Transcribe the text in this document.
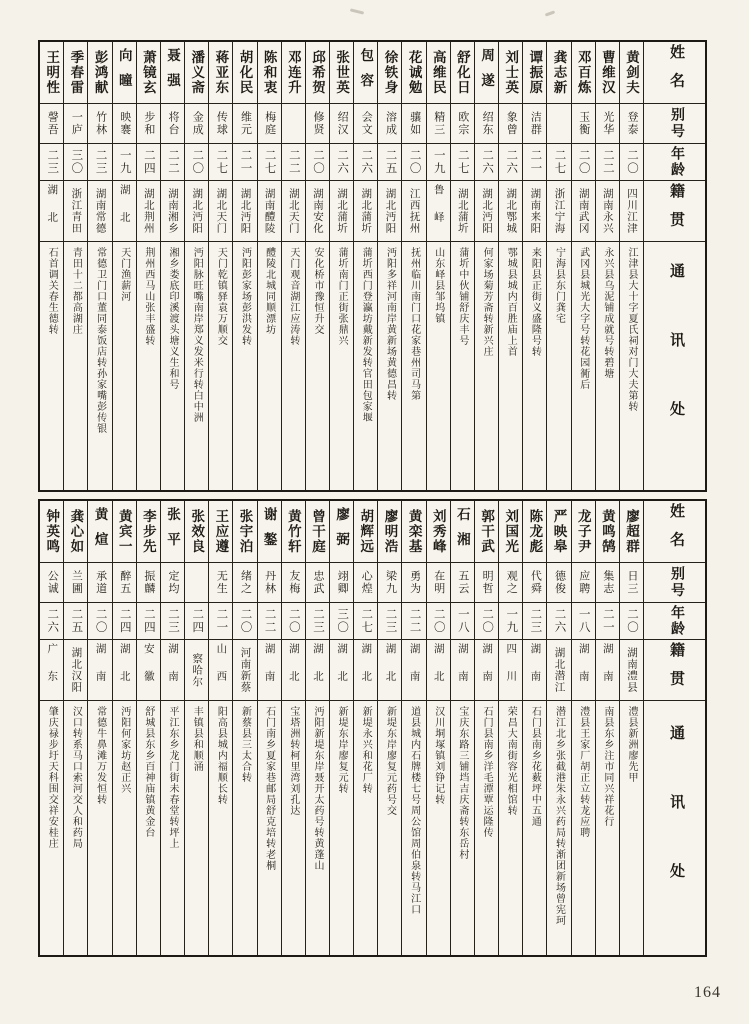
姓名
别号
年龄
籍贯
通讯处
黄剑夫
登泰
二〇
四川江津
江津县大十字夏氏祠对门大夫第转
曹维汉
光华
二二
湖南永兴
永兴县乌泥铺成就号转碧塘
邓百炼
玉衡
二〇
湖南武冈
武冈县城光大字号转花园衕后
龚志新
二七
浙江宁海
宁海县东门龚宅
谭振原
洁群
二一
湖南来阳
来阳县正街义盛隆号转
刘士英
象曾
二六
湖北鄂城
鄂城县城内百胜庙上首
周遂
绍东
二六
湖北沔阳
何家场菊芳斋转新兴庄
舒化日
欧宗
二七
湖北蒲圻
蒲圻中伙铺舒庆丰号
高维民
精三
一九
鲁峄
山东峄县邹坞镇
花诚勉
骧如
二〇
江西抚州
抚州临川南门口花家巷州司马第
徐铁身
溶成
二五
湖北沔阳
沔阳多祥河南岸黄新场黄德昌转
包容
会文
二六
湖北蒲圻
蒲圻西门登瀛坊戴新发转官田包家堰
张世英
绍汉
二六
湖北蒲圻
蒲圻南门正街张鼎兴
邱希贺
修贤
二〇
湖南安化
安化桥市豫恒升交
邓连升
二二
湖北天门
天门观音湖江应涛转
陈和衷
梅庭
二七
湖南醴陵
醴陵北城同顺漂坊
胡化民
维元
二一
湖北沔阳
沔阳彭家场彭洪发转
蒋亚东
传球
二七
湖北天门
天门乾镇驿袁万顺交
潘义斋
金成
二〇
湖北沔阳
沔阳脉旺嘴南岸郑义发米行转白中洲
聂强
将台
二二
湖南湘乡
湘乡娄底印溪渡头塘义生和号
萧镜玄
步和
二四
湖北荆州
荆州西马山张丰盛转
向曈
映褰
一九
湖北
天门渔薪河
彭鸿献
竹林
二三
湖南常德
常德卫门口董同泰饭店转孙家嘴彭传银
季春雷
一庐
三〇
浙江青田
青田十二都高湖庄
王明性
謦吾
二三
湖北
石首调关春生德转
姓名
别号
年龄
籍贯
通讯处
廖超群
日三
二〇
湖南澧县
澧县新洲廖先甲
黄鸣鹄
集志
二一
湖南
南县东乡注市同兴祥花行
龙子尹
应聘
一八
湖南
澧县王家厂胡正立转龙应聘
严映皋
德俊
二六
湖北潜江
潜江北乡张截港朱永兴药局转渐团新场曾宪珂
陈龙彪
代舜
二三
湖南
石门县南乡花薮坪中五通
刘国光
观之
一九
四川
荣昌大南街容光相馆转
郭干武
明哲
二〇
湖南
石门县南乡洋毛潭覃运隆传
石湘
五云
一八
湖南
宝庆东路三铺垱吉庆斋转东岳村
刘秀峰
在明
二〇
湖北
汉川垌塚镇刘铮记转
黄栾基
勇为
二二
湖南
道县城内石牌楼七号周公馆周伯泉转马江口
廖明浩
梁九
二三
湖北
新堤东岸廖复元药号交
胡辉远
心煌
二七
湖北
新堤永兴和花厂转
廖弼
翊卿
三〇
湖北
新堤东岸廖复元转
曾干庭
忠武
二三
湖北
沔阳新堤东岸聂开太药号转黄蓬山
黄竹轩
友梅
二〇
湖北
宝塔洲转柯里湾刘孔达
谢鏊
丹林
二二
湖南
石门南乡夏家巷邮局舒克培转老桐
张宇泊
绪之
二〇
河南新蔡
新蔡县三太合转
王应遵
无生
二一
山西
阳高县城内福顺长转
张效良
二四
察哈尔
丰镇县和顺涌
张平
定均
二三
湖南
平江东乡龙门街未春堂转坪上
李步先
振麟
二四
安徽
舒城县东乡百神庙镇黄金台
黄宾一
醉五
二四
湖北
沔阳何家坊赵正兴
黄煊
承道
二〇
湖南
常德牛鼻滩万发恒转
龚心如
兰圃
二五
湖北汉阳
汉口转系马口索河交人和药局
钟英鸣
公诚
二六
广东
肇庆禄步圩天科围交祥安桂庄
164
